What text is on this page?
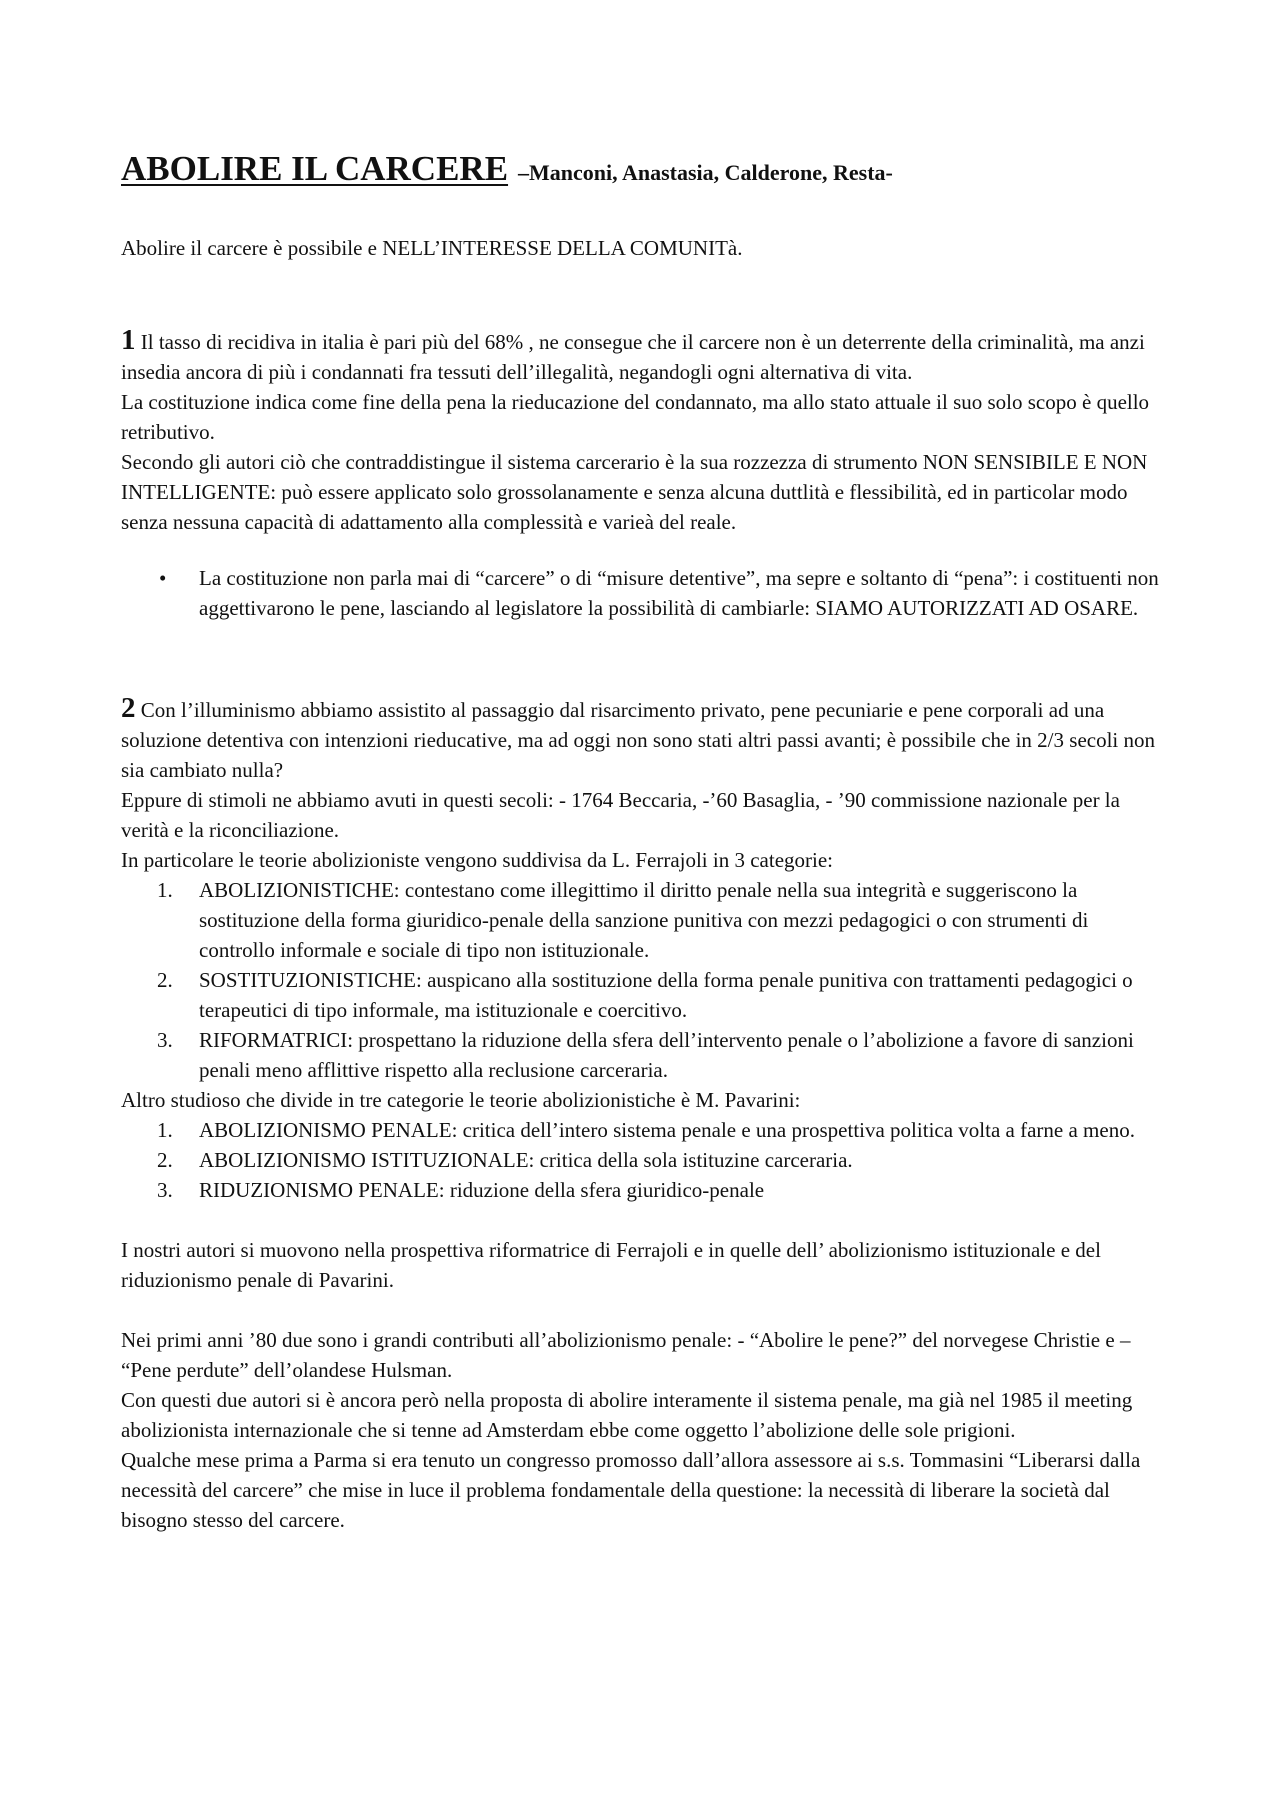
ABOLIRE IL CARCERE –Manconi, Anastasia, Calderone, Resta-

Abolire il carcere è possibile e NELL’INTERESSE DELLA COMUNITà.

1 Il tasso di recidiva in italia è pari più del 68% , ne consegue che il carcere non è un deterrente della criminalità, ma anzi insedia ancora di più i condannati fra tessuti dell’illegalità, negandogli ogni alternativa di vita.

La costituzione indica come fine della pena la rieducazione del condannato, ma allo stato attuale il suo solo scopo è quello retributivo.

Secondo gli autori ciò che contraddistingue il sistema carcerario è la sua rozzezza di strumento NON SENSIBILE E NON INTELLIGENTE: può essere applicato solo grossolanamente e senza alcuna duttlità e flessibilità, ed in particolar modo senza nessuna capacità di adattamento alla complessità e varieà del reale.

• La costituzione non parla mai di “carcere” o di “misure detentive”, ma sepre e soltanto di “pena”: i costituenti non aggettivarono le pene, lasciando al legislatore la possibilità di cambiarle: SIAMO AUTORIZZATI AD OSARE.

2 Con l’illuminismo abbiamo assistito al passaggio dal risarcimento privato, pene pecuniarie e pene corporali ad una soluzione detentiva con intenzioni rieducative, ma ad oggi non sono stati altri passi avanti; è possibile che in 2/3 secoli non sia cambiato nulla?

Eppure di stimoli ne abbiamo avuti in questi secoli: - 1764 Beccaria, -’60 Basaglia, - ’90 commissione nazionale per la verità e la riconciliazione.

In particolare le teorie abolizioniste vengono suddivisa da L. Ferrajoli in 3 categorie:

1. ABOLIZIONISTICHE: contestano come illegittimo il diritto penale nella sua integrità e suggeriscono la sostituzione della forma giuridico-penale della sanzione punitiva con mezzi pedagogici o con strumenti di controllo informale e sociale di tipo non istituzionale.
2. SOSTITUZIONISTICHE: auspicano alla sostituzione della forma penale punitiva con trattamenti pedagogici o terapeutici di tipo informale, ma istituzionale e coercitivo.
3. RIFORMATRICI: prospettano la riduzione della sfera dell’intervento penale o l’abolizione a favore di sanzioni penali meno afflittive rispetto alla reclusione carceraria.

Altro studioso che divide in tre categorie le teorie abolizionistiche è M. Pavarini:

1. ABOLIZIONISMO PENALE: critica dell’intero sistema penale e una prospettiva politica volta a farne a meno.
2. ABOLIZIONISMO ISTITUZIONALE: critica della sola istituzine carceraria.
3. RIDUZIONISMO PENALE: riduzione della sfera giuridico-penale

I nostri autori si muovono nella prospettiva riformatrice di Ferrajoli e in quelle dell’ abolizionismo istituzionale e del riduzionismo penale di Pavarini.

Nei primi anni ’80 due sono i grandi contributi all’abolizionismo penale: - “Abolire le pene?” del norvegese Christie e – “Pene perdute” dell’olandese Hulsman.

Con questi due autori si è ancora però nella proposta di abolire interamente il sistema penale, ma già nel 1985 il meeting abolizionista internazionale che si tenne ad Amsterdam ebbe come oggetto l’abolizione delle sole prigioni.

Qualche mese prima a Parma si era tenuto un congresso promosso dall’allora assessore ai s.s. Tommasini “Liberarsi dalla necessità del carcere” che mise in luce il problema fondamentale della questione: la necessità di liberare la società dal bisogno stesso del carcere.
